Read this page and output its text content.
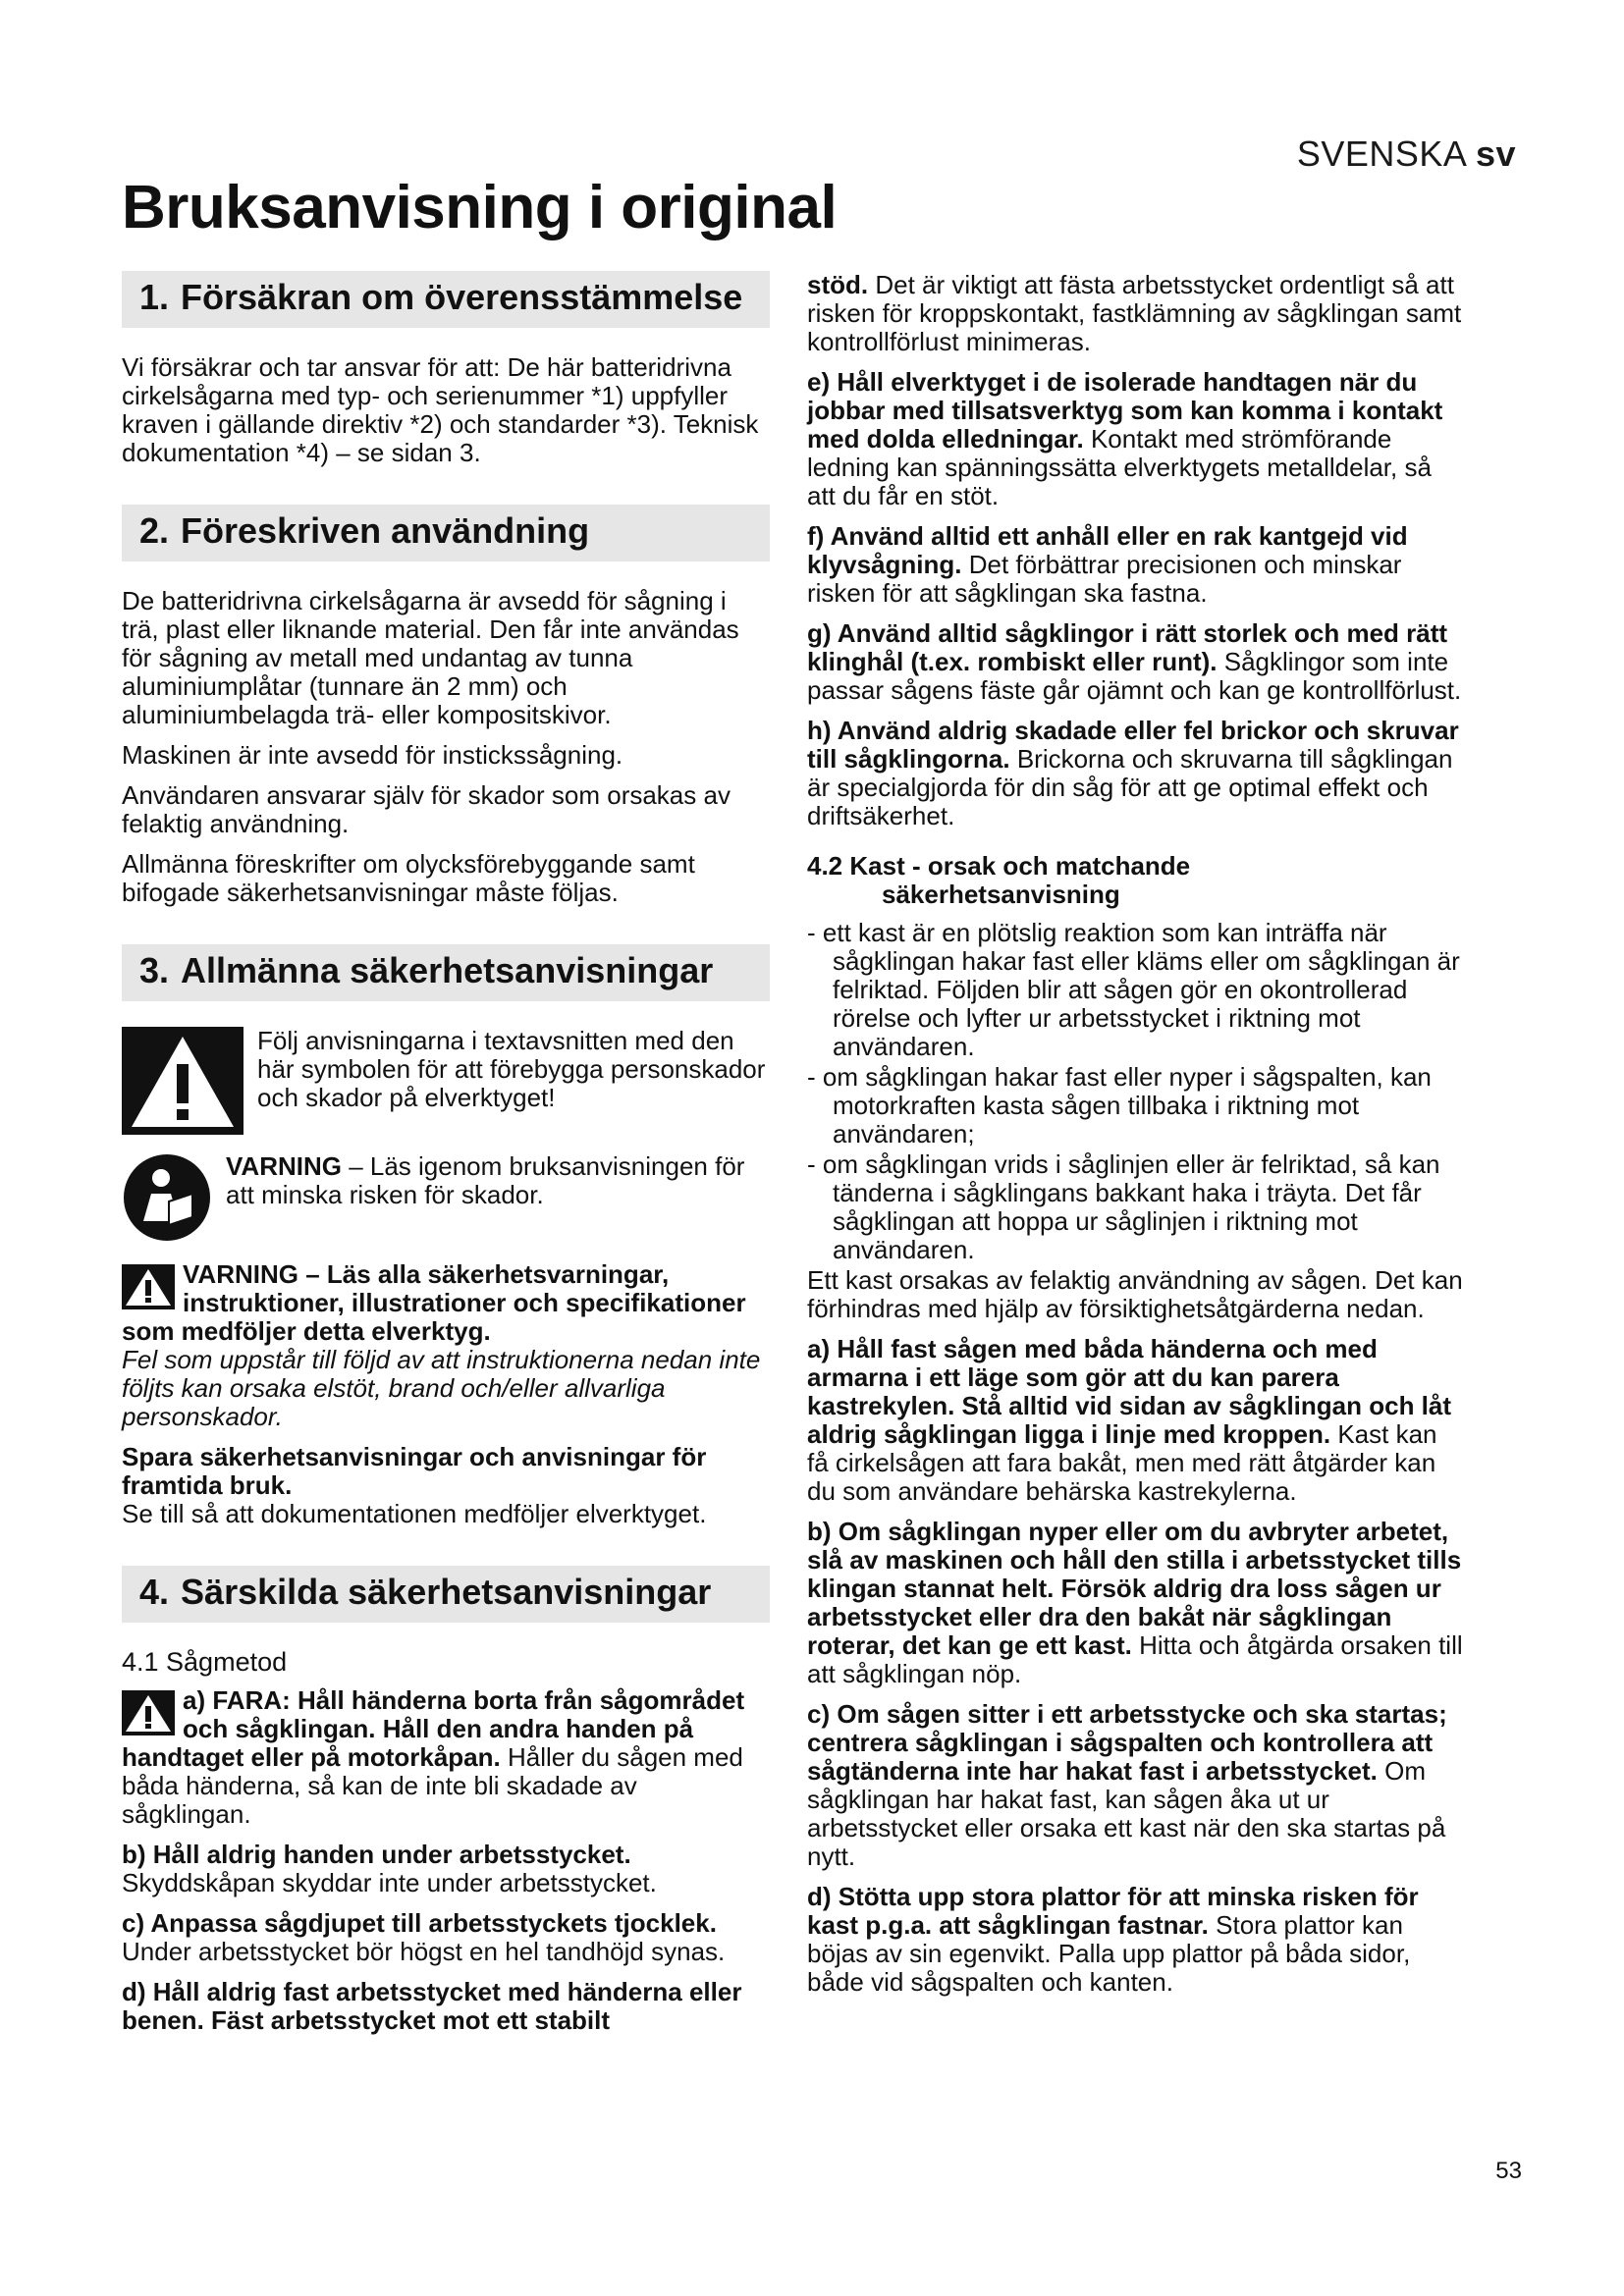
SVENSKA sv
Bruksanvisning i original
1. Försäkran om överensstämmelse

Vi försäkrar och tar ansvar för att: De här batteridrivna cirkelsågarna med typ- och serienummer *1) uppfyller kraven i gällande direktiv *2) och standarder *3). Teknisk dokumentation *4) – se sidan 3.

2. Föreskriven användning

De batteridrivna cirkelsågarna är avsedd för sågning i trä, plast eller liknande material. Den får inte användas för sågning av metall med undantag av tunna aluminiumplåtar (tunnare än 2 mm) och aluminiumbelagda trä- eller kompositskivor.

Maskinen är inte avsedd för instickssågning.

Användaren ansvarar själv för skador som orsakas av felaktig användning.

Allmänna föreskrifter om olycksförebyggande samt bifogade säkerhetsanvisningar måste följas.

3. Allmänna säkerhetsanvisningar
Följ anvisningarna i textavsnitten med den här symbolen för att förebygga personskador och skador på elverktyget!
VARNING – Läs igenom bruksanvisningen för att minska risken för skador.
VARNING – Läs alla säkerhetsvarningar, instruktioner, illustrationer och specifikationer som medföljer detta elverktyg.

Fel som uppstår till följd av att instruktionerna nedan inte följts kan orsaka elstöt, brand och/eller allvarliga personskador.

Spara säkerhetsanvisningar och anvisningar för framtida bruk.

Se till så att dokumentationen medföljer elverktyget.

4. Särskilda säkerhetsanvisningar
4.1 Sågmetod
a) FARA: Håll händerna borta från sågområdet och sågklingan. Håll den andra handen på handtaget eller på motorkåpan. Håller du sågen med båda händerna, så kan de inte bli skadade av sågklingan.

b) Håll aldrig handen under arbetsstycket. Skyddskåpan skyddar inte under arbetsstycket.

c) Anpassa sågdjupet till arbetsstyckets tjocklek. Under arbetsstycket bör högst en hel tandhöjd synas.

d) Håll aldrig fast arbetsstycket med händerna eller benen. Fäst arbetsstycket mot ett stabilt

stöd. Det är viktigt att fästa arbetsstycket ordentligt så att risken för kroppskontakt, fastklämning av sågklingan samt kontrollförlust minimeras.

e) Håll elverktyget i de isolerade handtagen när du jobbar med tillsatsverktyg som kan komma i kontakt med dolda elledningar. Kontakt med strömförande ledning kan spänningssätta elverktygets metalldelar, så att du får en stöt.

f) Använd alltid ett anhåll eller en rak kantgejd vid klyvsågning. Det förbättrar precisionen och minskar risken för att sågklingan ska fastna.

g) Använd alltid sågklingor i rätt storlek och med rätt klinghål (t.ex. rombiskt eller runt). Sågklingor som inte passar sågens fäste går ojämnt och kan ge kontrollförlust.

h) Använd aldrig skadade eller fel brickor och skruvar till sågklingorna. Brickorna och skruvarna till sågklingan är specialgjorda för din såg för att ge optimal effekt och driftsäkerhet.

4.2 Kast - orsak och matchande
säkerhetsanvisning

- ett kast är en plötslig reaktion som kan inträffa när sågklingan hakar fast eller kläms eller om sågklingan är felriktad. Följden blir att sågen gör en okontrollerad rörelse och lyfter ur arbetsstycket i riktning mot användaren.

- om sågklingan hakar fast eller nyper i sågspalten, kan motorkraften kasta sågen tillbaka i riktning mot användaren;

- om sågklingan vrids i såglinjen eller är felriktad, så kan tänderna i sågklingans bakkant haka i träyta. Det får sågklingan att hoppa ur såglinjen i riktning mot användaren.

Ett kast orsakas av felaktig användning av sågen. Det kan förhindras med hjälp av försiktighetsåtgärderna nedan.

a) Håll fast sågen med båda händerna och med armarna i ett läge som gör att du kan parera kastrekylen. Stå alltid vid sidan av sågklingan och låt aldrig sågklingan ligga i linje med kroppen. Kast kan få cirkelsågen att fara bakåt, men med rätt åtgärder kan du som användare behärska kastrekylerna.

b) Om sågklingan nyper eller om du avbryter arbetet, slå av maskinen och håll den stilla i arbetsstycket tills klingan stannat helt. Försök aldrig dra loss sågen ur arbetsstycket eller dra den bakåt när sågklingan roterar, det kan ge ett kast. Hitta och åtgärda orsaken till att sågklingan nöp.

c) Om sågen sitter i ett arbetsstycke och ska startas; centrera sågklingan i sågspalten och kontrollera att sågtänderna inte har hakat fast i arbetsstycket. Om sågklingan har hakat fast, kan sågen åka ut ur arbetsstycket eller orsaka ett kast när den ska startas på nytt.

d) Stötta upp stora plattor för att minska risken för kast p.g.a. att sågklingan fastnar. Stora plattor kan böjas av sin egenvikt. Palla upp plattor på båda sidor, både vid sågspalten och kanten.

53
